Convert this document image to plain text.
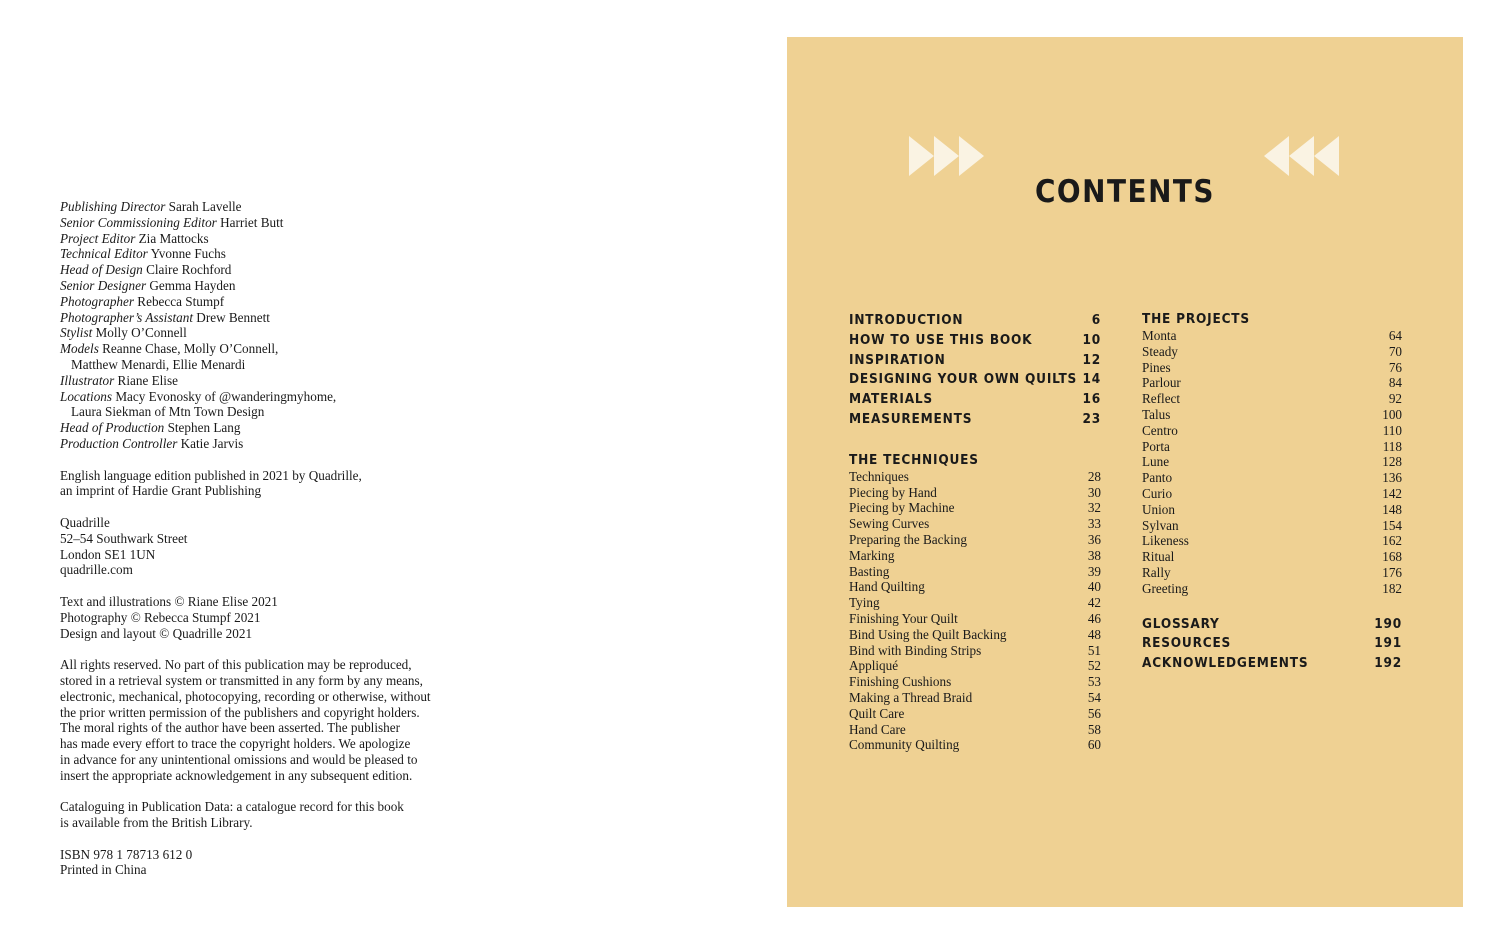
Publishing Director Sarah Lavelle
Senior Commissioning Editor Harriet Butt
Project Editor Zia Mattocks
Technical Editor Yvonne Fuchs
Head of Design Claire Rochford
Senior Designer Gemma Hayden
Photographer Rebecca Stumpf
Photographer’s Assistant Drew Bennett
Stylist Molly O’Connell
Models Reanne Chase, Molly O’Connell,
Matthew Menardi, Ellie Menardi
Illustrator Riane Elise
Locations Macy Evonosky of @wanderingmyhome,
Laura Siekman of Mtn Town Design
Head of Production Stephen Lang
Production Controller Katie Jarvis
English language edition published in 2021 by Quadrille,
an imprint of Hardie Grant Publishing
Quadrille
52–54 Southwark Street
London SE1 1UN
quadrille.com
Text and illustrations © Riane Elise 2021
Photography © Rebecca Stumpf 2021
Design and layout © Quadrille 2021
All rights reserved. No part of this publication may be reproduced,
stored in a retrieval system or transmitted in any form by any means,
electronic, mechanical, photocopying, recording or otherwise, without
the prior written permission of the publishers and copyright holders.
The moral rights of the author have been asserted. The publisher
has made every effort to trace the copyright holders. We apologize
in advance for any unintentional omissions and would be pleased to
insert the appropriate acknowledgement in any subsequent edition.
Cataloguing in Publication Data: a catalogue record for this book
is available from the British Library.
ISBN 978 1 78713 612 0
Printed in China
CONTENTS
INTRODUCTION	6
HOW TO USE THIS BOOK	10
INSPIRATION	12
DESIGNING YOUR OWN QUILTS 14
MATERIALS	16
MEASUREMENTS	23
THE TECHNIQUES
Techniques	28
Piecing by Hand	30
Piecing by Machine	32
Sewing Curves	33
Preparing the Backing	36
Marking	38
Basting	39
Hand Quilting	40
Tying	42
Finishing Your Quilt	46
Bind Using the Quilt Backing	48
Bind with Binding Strips	51
Appliqué	52
Finishing Cushions	53
Making a Thread Braid	54
Quilt Care	56
Hand Care	58
Community Quilting	60
THE PROJECTS
Monta	64
Steady	70
Pines	76
Parlour	84
Reflect	92
Talus	100
Centro	110
Porta	118
Lune	128
Panto	136
Curio	142
Union	148
Sylvan	154
Likeness	162
Ritual	168
Rally	176
Greeting	182
GLOSSARY	190
RESOURCES	191
ACKNOWLEDGEMENTS	192
